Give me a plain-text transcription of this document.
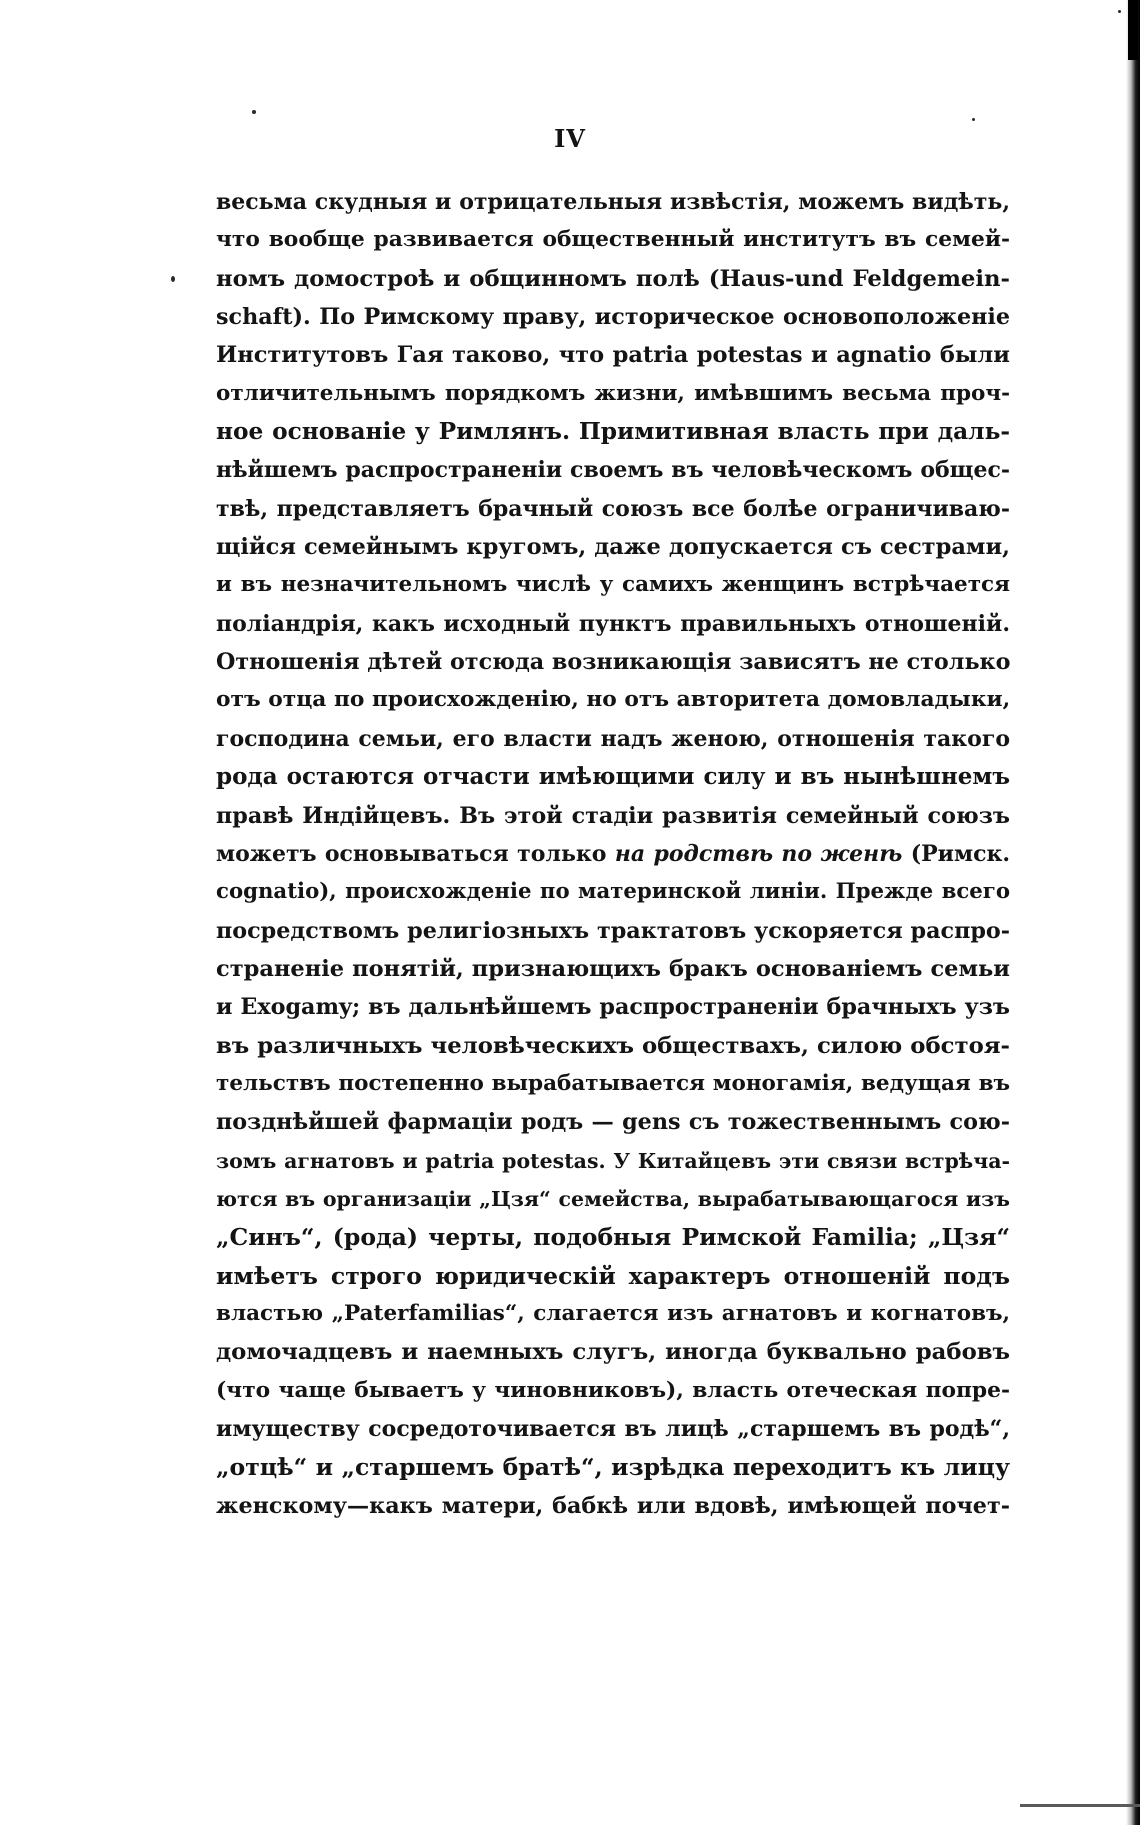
IV
весьма скудныя и отрицательныя извѣстія, можемъ видѣть,
что вообще развивается общественный институтъ въ семей-
номъ домостроѣ и общинномъ полѣ (Haus-und Feldgemein-
schaft). По Римскому праву, историческое основоположеніе
Институтовъ Гая таково, что patria potestas и agnatio были
отличительнымъ порядкомъ жизни, имѣвшимъ весьма проч-
ное основаніе у Римлянъ. Примитивная власть при даль-
нѣйшемъ распространеніи своемъ въ человѣческомъ общес-
твѣ, представляетъ брачный союзъ все болѣе ограничиваю-
щійся семейнымъ кругомъ, даже допускается съ сестрами,
и въ незначительномъ числѣ у самихъ женщинъ встрѣчается
поліандрія, какъ исходный пунктъ правильныхъ отношеній.
Отношенія дѣтей отсюда возникающія зависятъ не столько
отъ отца по происхожденію, но отъ авторитета домовладыки,
господина семьи, его власти надъ женою, отношенія такого
рода остаются отчасти имѣющими силу и въ нынѣшнемъ
правѣ Индійцевъ. Въ этой стадіи развитія семейный союзъ
можетъ основываться только на родствѣ по женѣ (Римск.
cognatio), происхожденіе по материнской линіи. Прежде всего
посредствомъ религіозныхъ трактатовъ ускоряется распро-
страненіе понятій, признающихъ бракъ основаніемъ семьи
и Exogamy; въ дальнѣйшемъ распространеніи брачныхъ узъ
въ различныхъ человѣческихъ обществахъ, силою обстоя-
тельствъ постепенно вырабатывается моногамія, ведущая въ
позднѣйшей фармаціи родъ — gens съ тожественнымъ сою-
зомъ агнатовъ и patria potestas. У Китайцевъ эти связи встрѣча-
ются въ организаціи „Цзя“ семейства, вырабатывающагося изъ
„Синъ“, (рода) черты, подобныя Римской Familia; „Цзя“
имѣетъ строго юридическій характеръ отношеній подъ
властью „Paterfamilias“, слагается изъ агнатовъ и когнатовъ,
домочадцевъ и наемныхъ слугъ, иногда буквально рабовъ
(что чаще бываетъ у чиновниковъ), власть отеческая попре-
имуществу сосредоточивается въ лицѣ „старшемъ въ родѣ“,
„отцѣ“ и „старшемъ братѣ“, изрѣдка переходитъ къ лицу
женскому—какъ матери, бабкѣ или вдовѣ, имѣющей почет-
